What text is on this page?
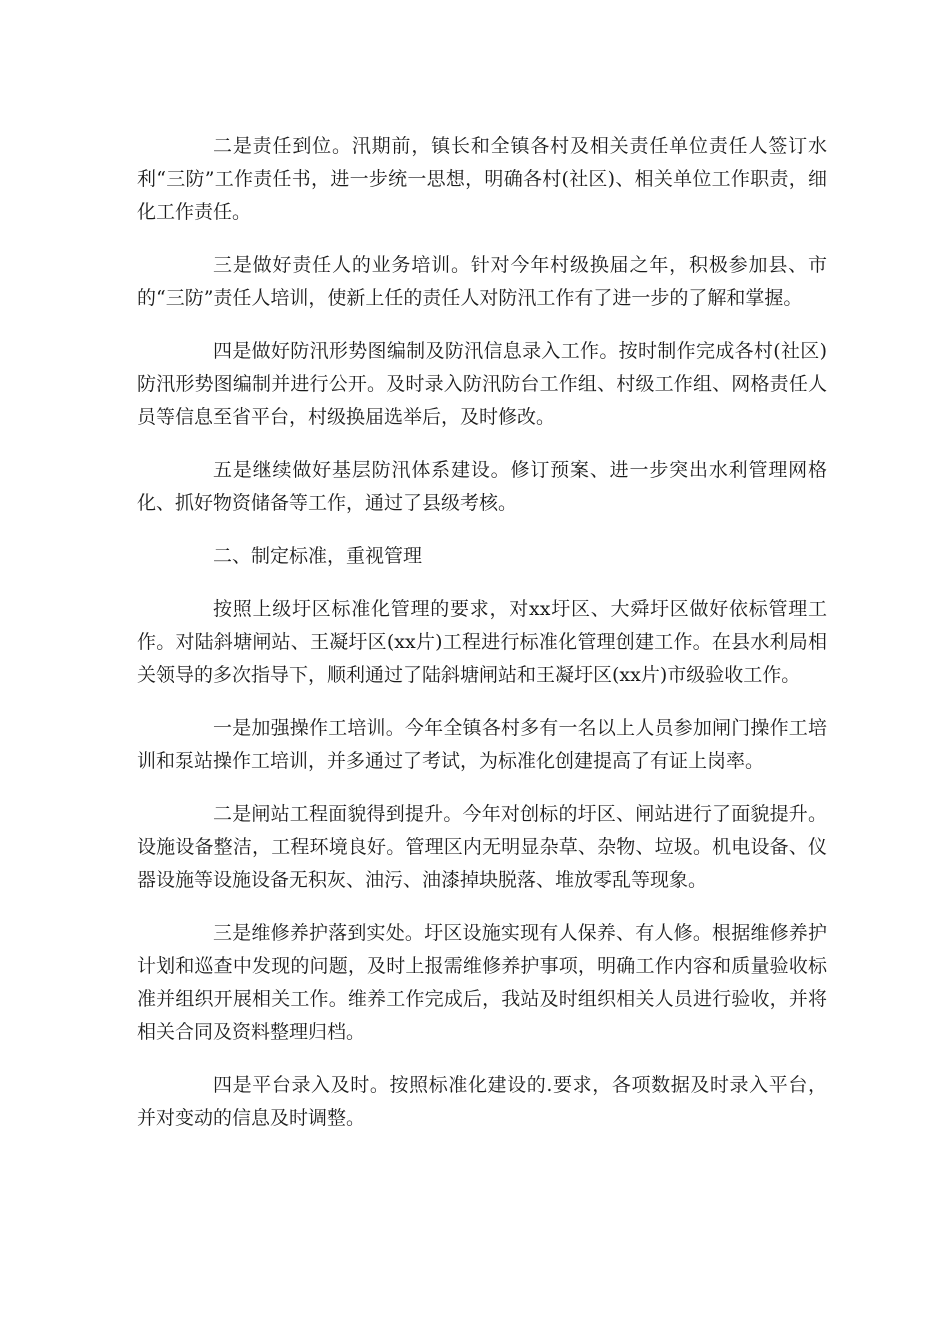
二是责任到位。汛期前，镇长和全镇各村及相关责任单位责任人签订水利“三防”工作责任书，进一步统一思想，明确各村(社区)、相关单位工作职责，细化工作责任。

三是做好责任人的业务培训。针对今年村级换届之年，积极参加县、市的“三防”责任人培训，使新上任的责任人对防汛工作有了进一步的了解和掌握。

四是做好防汛形势图编制及防汛信息录入工作。按时制作完成各村(社区)防汛形势图编制并进行公开。及时录入防汛防台工作组、村级工作组、网格责任人员等信息至省平台，村级换届选举后，及时修改。

五是继续做好基层防汛体系建设。修订预案、进一步突出水利管理网格化、抓好物资储备等工作，通过了县级考核。

二、制定标准，重视管理

按照上级圩区标准化管理的要求，对xx圩区、大舜圩区做好依标管理工作。对陆斜塘闸站、王凝圩区(xx片)工程进行标准化管理创建工作。在县水利局相关领导的多次指导下，顺利通过了陆斜塘闸站和王凝圩区(xx片)市级验收工作。

一是加强操作工培训。今年全镇各村多有一名以上人员参加闸门操作工培训和泵站操作工培训，并多通过了考试，为标准化创建提高了有证上岗率。

二是闸站工程面貌得到提升。今年对创标的圩区、闸站进行了面貌提升。设施设备整洁，工程环境良好。管理区内无明显杂草、杂物、垃圾。机电设备、仪器设施等设施设备无积灰、油污、油漆掉块脱落、堆放零乱等现象。

三是维修养护落到实处。圩区设施实现有人保养、有人修。根据维修养护计划和巡查中发现的问题，及时上报需维修养护事项，明确工作内容和质量验收标准并组织开展相关工作。维养工作完成后，我站及时组织相关人员进行验收，并将相关合同及资料整理归档。

四是平台录入及时。按照标准化建设的.要求，各项数据及时录入平台，并对变动的信息及时调整。
